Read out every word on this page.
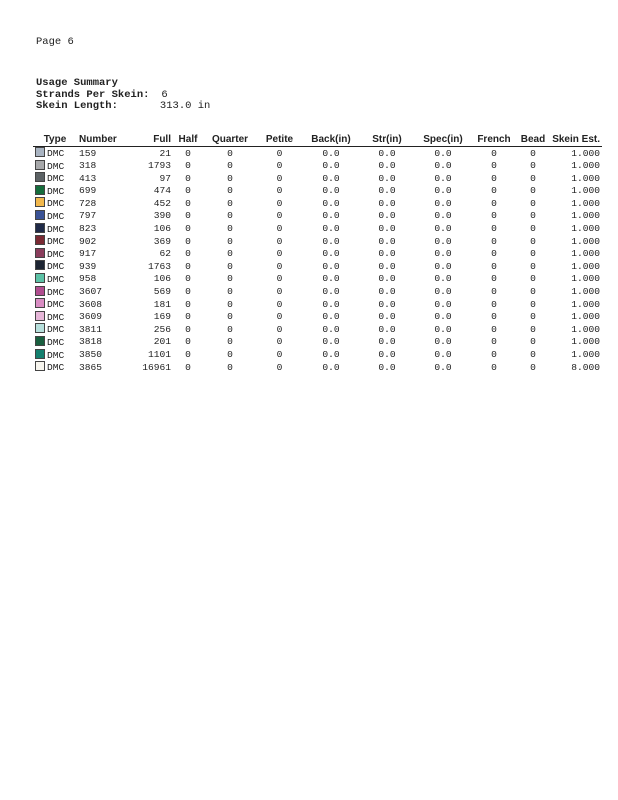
Page 6
Usage Summary
Strands Per Skein: 6
Skein Length:	313.0 in
Type	Number	Full	Half	Quarter	Petite	Back(in)	Str(in)	Spec(in)	French	Bead	Skein Est.
DMC	159	21	0	0	0	0.0	0.0	0.0	0	0	1.000
DMC	318	1793	0	0	0	0.0	0.0	0.0	0	0	1.000
DMC	413	97	0	0	0	0.0	0.0	0.0	0	0	1.000
DMC	699	474	0	0	0	0.0	0.0	0.0	0	0	1.000
DMC	728	452	0	0	0	0.0	0.0	0.0	0	0	1.000
DMC	797	390	0	0	0	0.0	0.0	0.0	0	0	1.000
DMC	823	106	0	0	0	0.0	0.0	0.0	0	0	1.000
DMC	902	369	0	0	0	0.0	0.0	0.0	0	0	1.000
DMC	917	62	0	0	0	0.0	0.0	0.0	0	0	1.000
DMC	939	1763	0	0	0	0.0	0.0	0.0	0	0	1.000
DMC	958	106	0	0	0	0.0	0.0	0.0	0	0	1.000
DMC	3607	569	0	0	0	0.0	0.0	0.0	0	0	1.000
DMC	3608	181	0	0	0	0.0	0.0	0.0	0	0	1.000
DMC	3609	169	0	0	0	0.0	0.0	0.0	0	0	1.000
DMC	3811	256	0	0	0	0.0	0.0	0.0	0	0	1.000
DMC	3818	201	0	0	0	0.0	0.0	0.0	0	0	1.000
DMC	3850	1101	0	0	0	0.0	0.0	0.0	0	0	1.000
DMC	3865	16961	0	0	0	0.0	0.0	0.0	0	0	8.000
